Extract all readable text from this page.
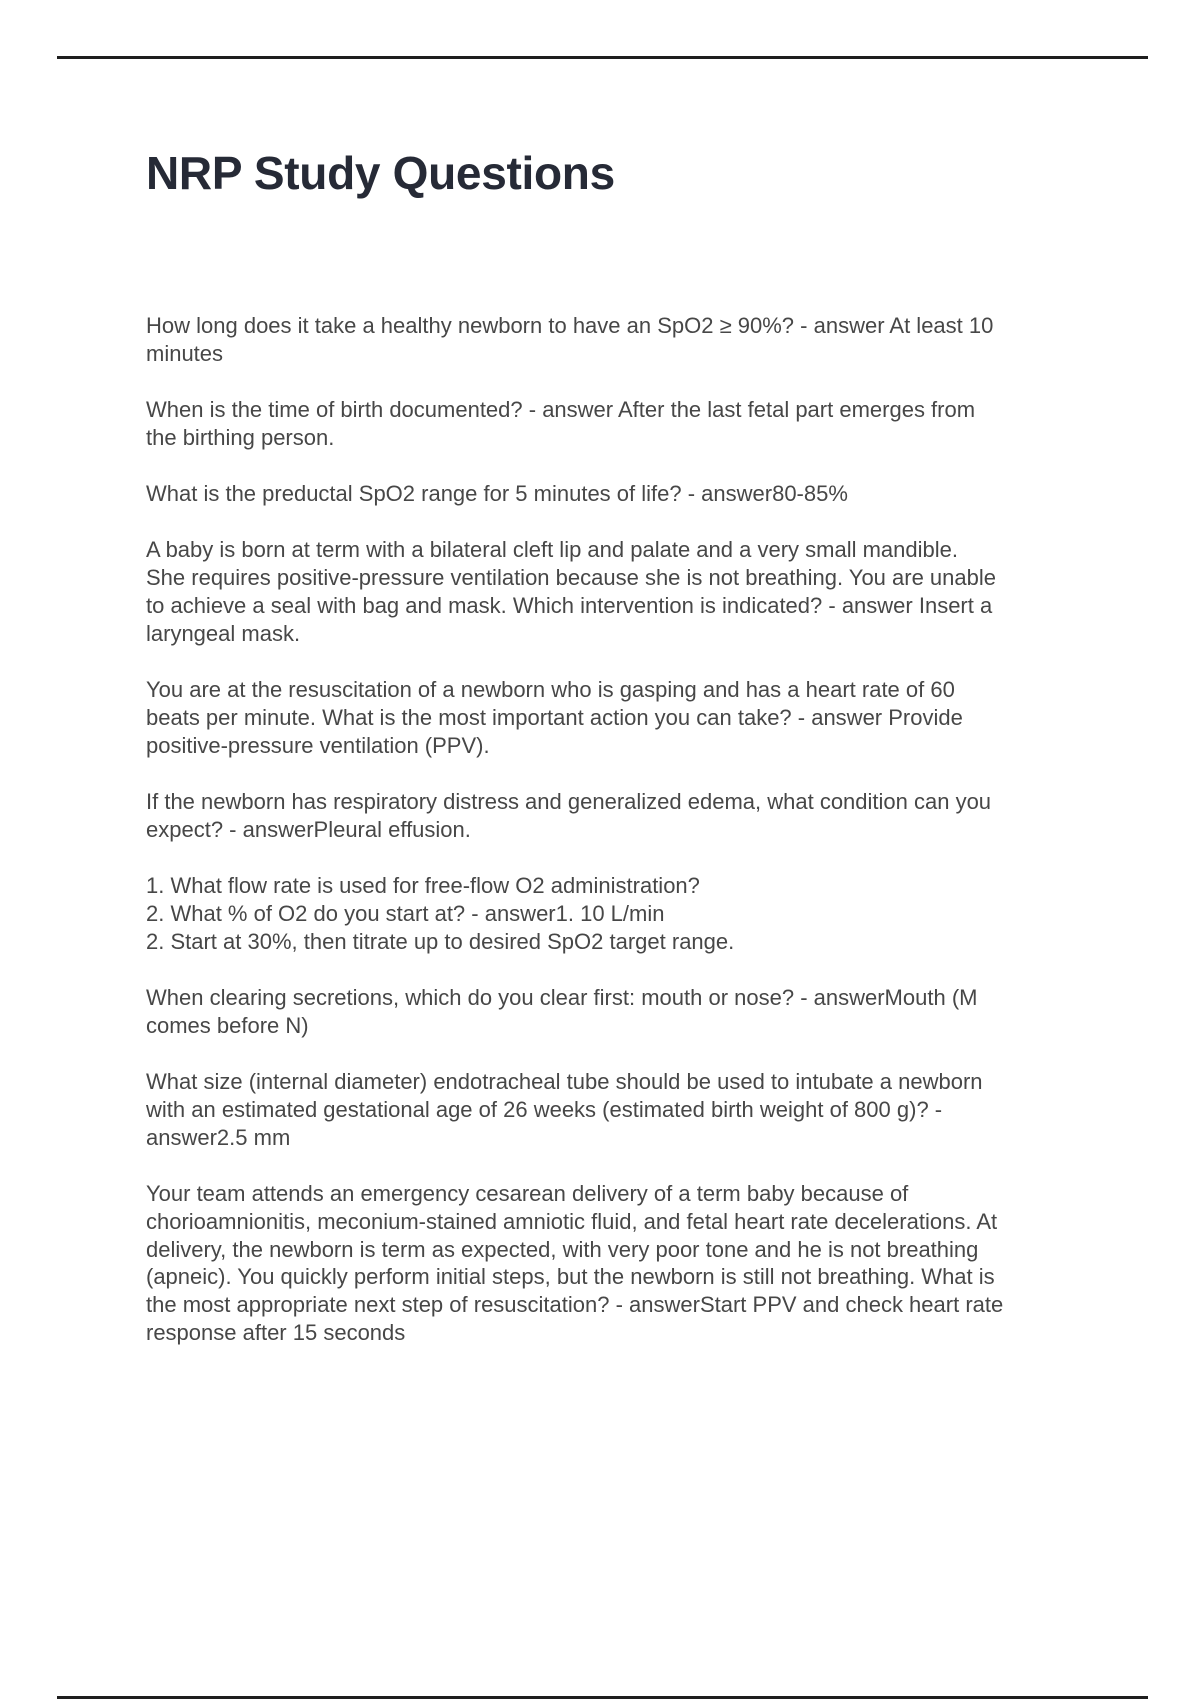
NRP Study Questions

How long does it take a healthy newborn to have an SpO2 ≥ 90%? - answer At least 10
minutes

When is the time of birth documented? - answer After the last fetal part emerges from
the birthing person.

What is the preductal SpO2 range for 5 minutes of life? - answer80-85%

A baby is born at term with a bilateral cleft lip and palate and a very small mandible.
She requires positive-pressure ventilation because she is not breathing. You are unable
to achieve a seal with bag and mask. Which intervention is indicated? - answer Insert a
laryngeal mask.

You are at the resuscitation of a newborn who is gasping and has a heart rate of 60
beats per minute. What is the most important action you can take? - answer Provide
positive-pressure ventilation (PPV).

If the newborn has respiratory distress and generalized edema, what condition can you
expect? - answerPleural effusion.

1. What flow rate is used for free-flow O2 administration?
2. What % of O2 do you start at? - answer1. 10 L/min
2. Start at 30%, then titrate up to desired SpO2 target range.

When clearing secretions, which do you clear first: mouth or nose? - answerMouth (M
comes before N)

What size (internal diameter) endotracheal tube should be used to intubate a newborn
with an estimated gestational age of 26 weeks (estimated birth weight of 800 g)? -
answer2.5 mm

Your team attends an emergency cesarean delivery of a term baby because of
chorioamnionitis, meconium-stained amniotic fluid, and fetal heart rate decelerations. At
delivery, the newborn is term as expected, with very poor tone and he is not breathing
(apneic). You quickly perform initial steps, but the newborn is still not breathing. What is
the most appropriate next step of resuscitation? - answerStart PPV and check heart rate
response after 15 seconds
